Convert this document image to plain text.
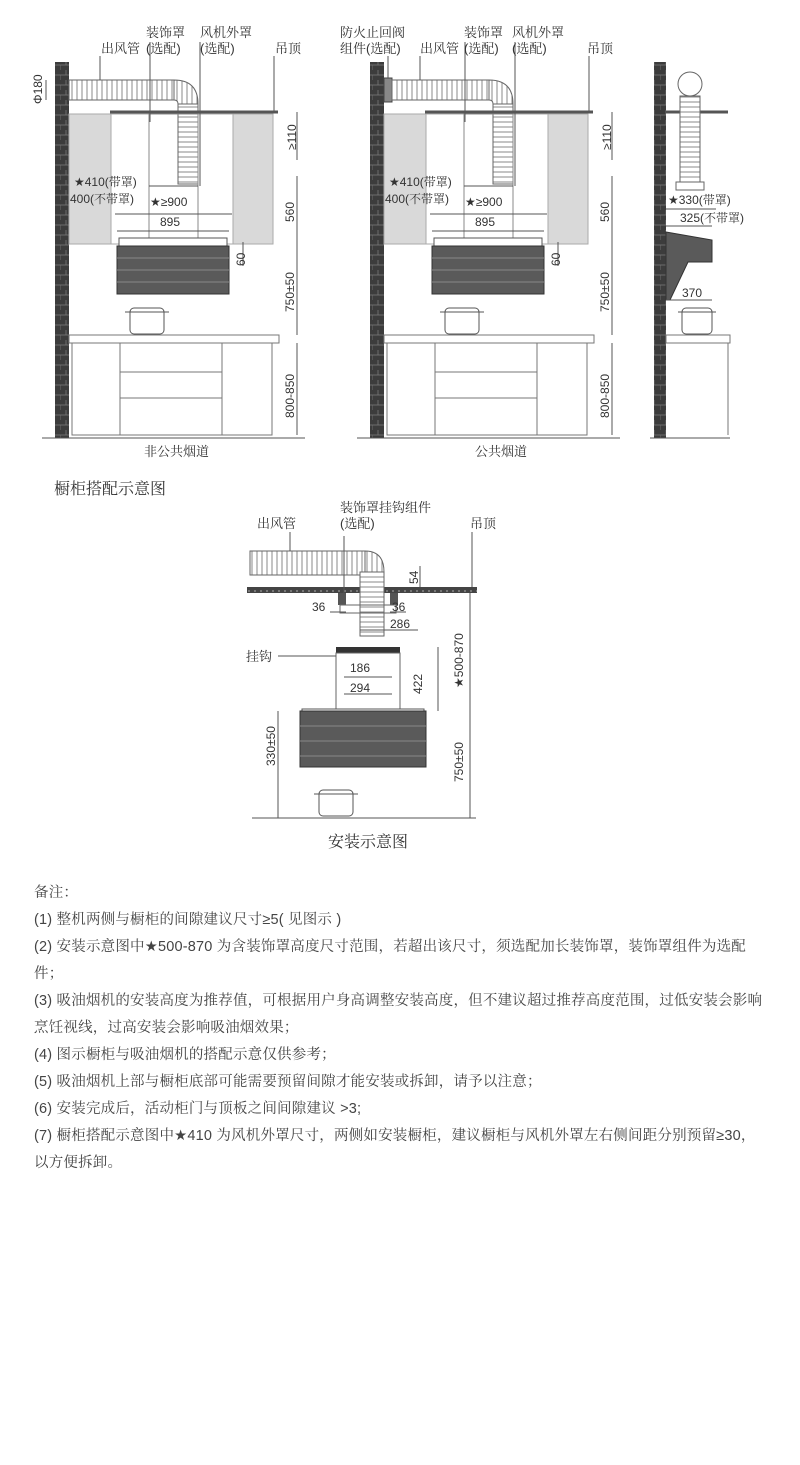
装饰罩 风机外罩
出风管 (选配) (选配)	吊顶
Φ180
≥110
★410(带罩)
400(不带罩) ★≥900
895	560
60
750±50
800-850
非公共烟道
防火止回阀	装饰罩 风机外罩
组件(选配) 出风管 (选配) (选配)	吊顶
≥110
★410(带罩)
400(不带罩) ★≥900
895	560
60
750±50
800-850
公共烟道
★330(带罩)
325(不带罩)
370
橱柜搭配示意图
装饰罩挂钩组件
出风管	(选配)	吊顶
54
36	36
286
挂钩
186
294	422 ★500-870
330±50	750±50
安装示意图
备注：
(1) 整机两侧与橱柜的间隙建议尺寸≥5( 见图示 )
(2) 安装示意图中★500-870 为含装饰罩高度尺寸范围，若超出该尺寸，须选配加长装饰罩，装饰罩组件为选配件；
(3) 吸油烟机的安装高度为推荐值，可根据用户身高调整安装高度，但不建议超过推荐高度范围，过低安装会影响烹饪视线，过高安装会影响吸油烟效果；
(4) 图示橱柜与吸油烟机的搭配示意仅供参考；
(5) 吸油烟机上部与橱柜底部可能需要预留间隙才能安装或拆卸，请予以注意；
(6) 安装完成后，活动柜门与顶板之间间隙建议 >3;
(7) 橱柜搭配示意图中★410 为风机外罩尺寸，两侧如安装橱柜，建议橱柜与风机外罩左右侧间距分别预留≥30，以方便拆卸。
